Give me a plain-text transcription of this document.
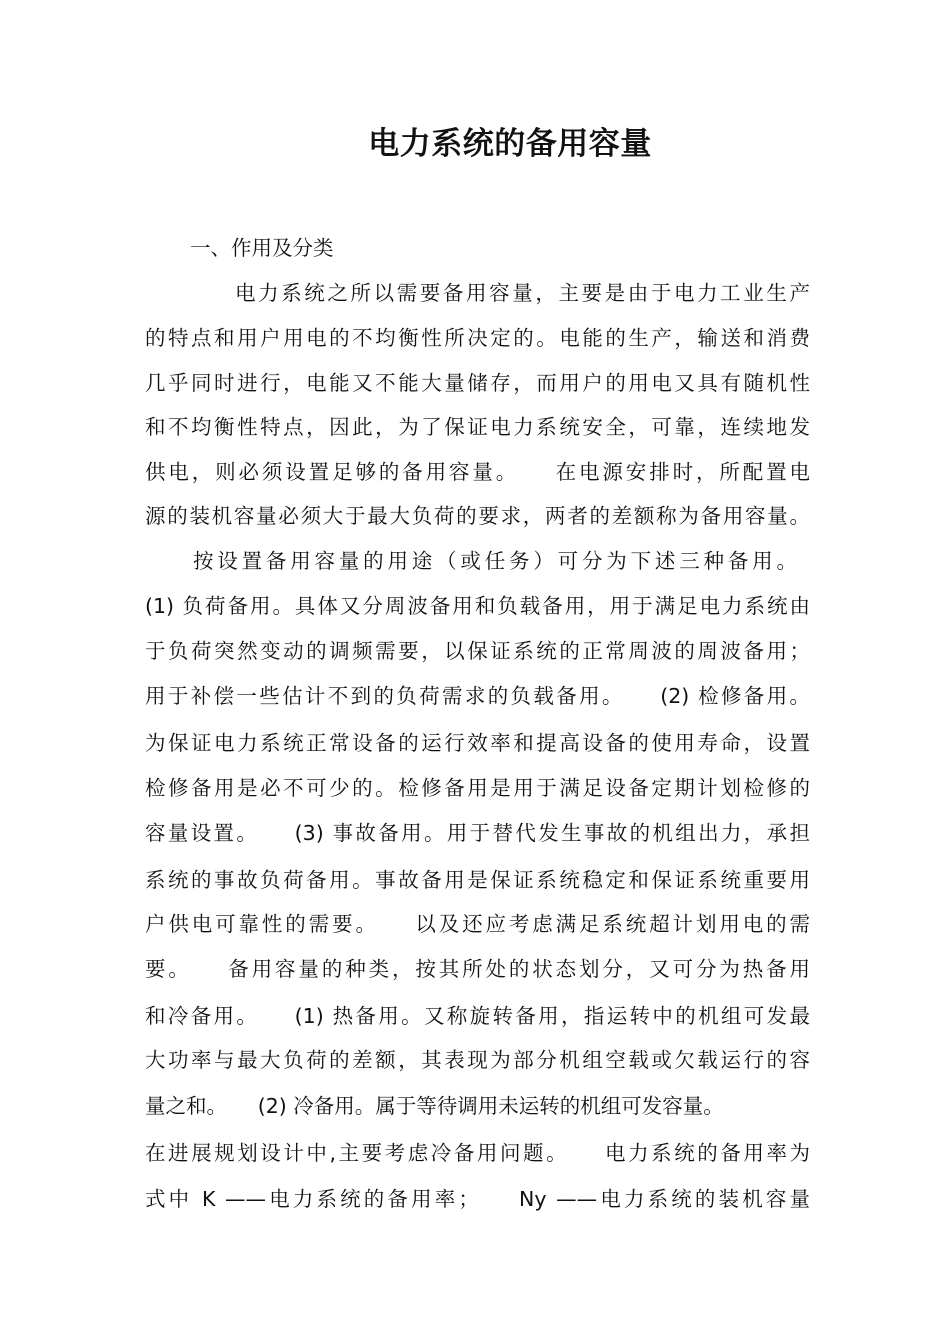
电力系统的备用容量
一、作用及分类
电力系统之所以需要备用容量，主要是由于电力工业生产
的特点和用户用电的不均衡性所决定的。电能的生产，输送和消费
几乎同时进行，电能又不能大量储存，而用户的用电又具有随机性
和不均衡性特点，因此，为了保证电力系统安全，可靠，连续地发
供电，则必须设置足够的备用容量。　　在电源安排时，所配置电
源的装机容量必须大于最大负荷的要求，两者的差额称为备用容量。
按设置备用容量的用途（或任务）可分为下述三种备用。
(1) 负荷备用。具体又分周波备用和负载备用，用于满足电力系统由
于负荷突然变动的调频需要，以保证系统的正常周波的周波备用；
用于补偿一些估计不到的负荷需求的负载备用。　　(2) 检修备用。
为保证电力系统正常设备的运行效率和提高设备的使用寿命，设置
检修备用是必不可少的。检修备用是用于满足设备定期计划检修的
容量设置。　　(3) 事故备用。用于替代发生事故的机组出力，承担
系统的事故负荷备用。事故备用是保证系统稳定和保证系统重要用
户供电可靠性的需要。　　以及还应考虑满足系统超计划用电的需
要。　　备用容量的种类，按其所处的状态划分，又可分为热备用
和冷备用。　　(1) 热备用。又称旋转备用，指运转中的机组可发最
大功率与最大负荷的差额，其表现为部分机组空载或欠载运行的容
量之和。　　(2) 冷备用。属于等待调用未运转的机组可发容量。
在进展规划设计中,主要考虑冷备用问题。　　电力系统的备用率为
式中 K ——电力系统的备用率；　　Ny ——电力系统的装机容量
